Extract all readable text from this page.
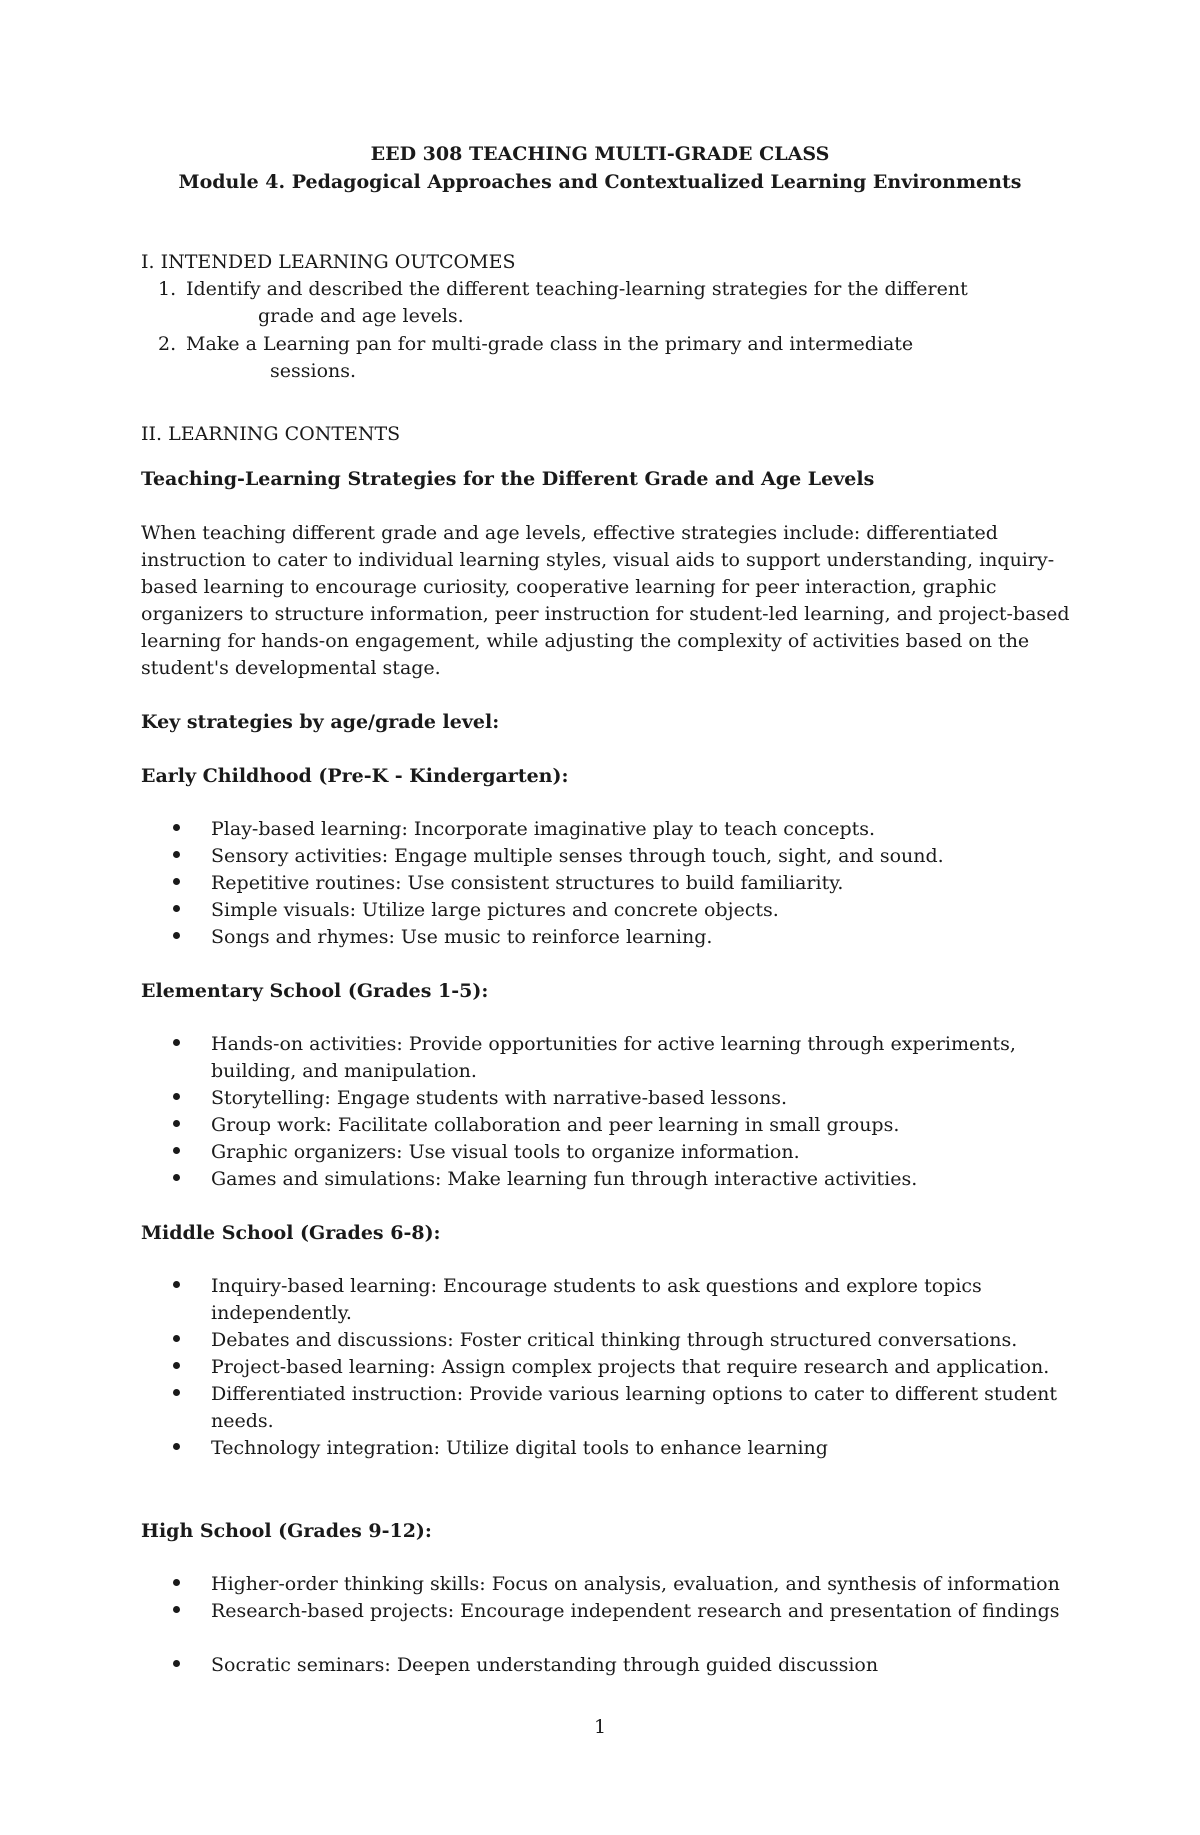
EED 308 TEACHING MULTI-GRADE CLASS
Module 4. Pedagogical Approaches and Contextualized Learning Environments
I. INTENDED LEARNING OUTCOMES
1. Identify and described the different teaching-learning strategies for the different
grade and age levels.
2. Make a Learning pan for multi-grade class in the primary and intermediate
sessions.
II. LEARNING CONTENTS
Teaching-Learning Strategies for the Different Grade and Age Levels
When teaching different grade and age levels, effective strategies include: differentiated
instruction to cater to individual learning styles, visual aids to support understanding, inquiry-
based learning to encourage curiosity, cooperative learning for peer interaction, graphic
organizers to structure information, peer instruction for student-led learning, and project-based
learning for hands-on engagement, while adjusting the complexity of activities based on the
student's developmental stage.
Key strategies by age/grade level:
Early Childhood (Pre-K - Kindergarten):
Play-based learning: Incorporate imaginative play to teach concepts.
Sensory activities: Engage multiple senses through touch, sight, and sound.
Repetitive routines: Use consistent structures to build familiarity.
Simple visuals: Utilize large pictures and concrete objects.
Songs and rhymes: Use music to reinforce learning.
Elementary School (Grades 1-5):
Hands-on activities: Provide opportunities for active learning through experiments,
building, and manipulation.
Storytelling: Engage students with narrative-based lessons.
Group work: Facilitate collaboration and peer learning in small groups.
Graphic organizers: Use visual tools to organize information.
Games and simulations: Make learning fun through interactive activities.
Middle School (Grades 6-8):
Inquiry-based learning: Encourage students to ask questions and explore topics
independently.
Debates and discussions: Foster critical thinking through structured conversations.
Project-based learning: Assign complex projects that require research and application.
Differentiated instruction: Provide various learning options to cater to different student
needs.
Technology integration: Utilize digital tools to enhance learning
High School (Grades 9-12):
Higher-order thinking skills: Focus on analysis, evaluation, and synthesis of information
Research-based projects: Encourage independent research and presentation of findings
Socratic seminars: Deepen understanding through guided discussion
1
